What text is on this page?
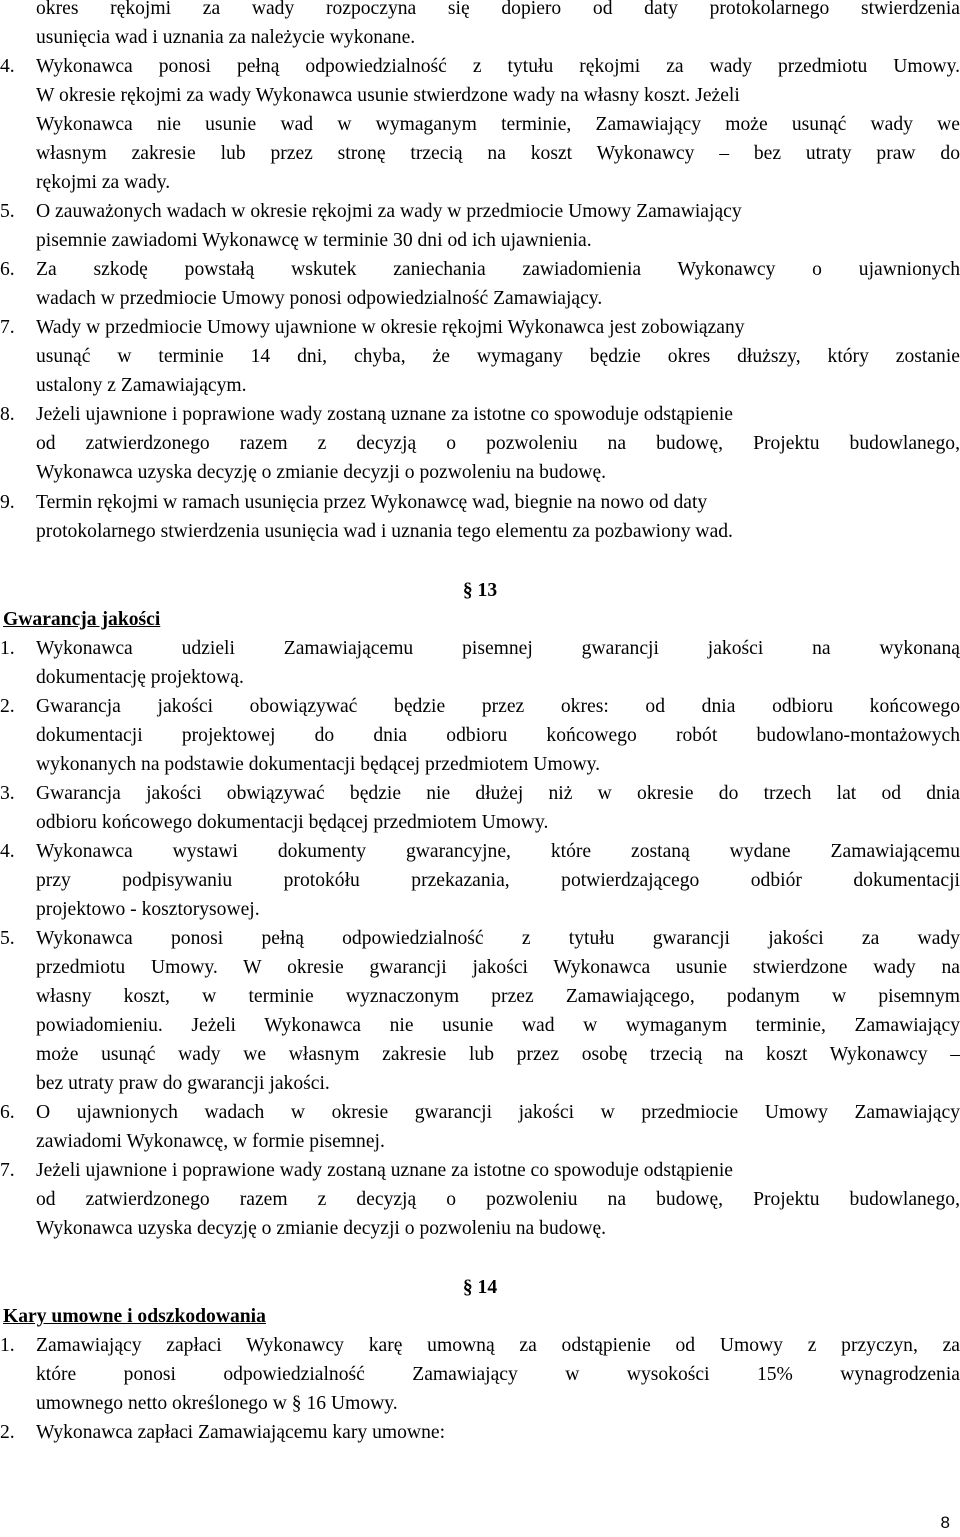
okres rękojmi za wady rozpoczyna się dopiero od daty protokolarnego stwierdzenia
usunięcia wad i uznania za należycie wykonane.
4. Wykonawca ponosi pełną odpowiedzialność z tytułu rękojmi za wady przedmiotu Umowy.
W okresie rękojmi za wady Wykonawca usunie stwierdzone wady na własny koszt. Jeżeli
Wykonawca nie usunie wad w wymaganym terminie, Zamawiający może usunąć wady we
własnym zakresie lub przez stronę trzecią na koszt Wykonawcy – bez utraty praw do
rękojmi za wady.
5. O zauważonych wadach w okresie rękojmi za wady w przedmiocie Umowy Zamawiający
pisemnie zawiadomi Wykonawcę w terminie 30 dni od ich ujawnienia.
6. Za szkodę powstałą wskutek zaniechania zawiadomienia Wykonawcy o ujawnionych
wadach w przedmiocie Umowy ponosi odpowiedzialność Zamawiający.
7. Wady w przedmiocie Umowy ujawnione w okresie rękojmi Wykonawca jest zobowiązany
usunąć w terminie 14 dni, chyba, że wymagany będzie okres dłuższy, który zostanie
ustalony z Zamawiającym.
8. Jeżeli ujawnione i poprawione wady zostaną uznane za istotne co spowoduje odstąpienie
od zatwierdzonego razem z decyzją o pozwoleniu na budowę, Projektu budowlanego,
Wykonawca uzyska decyzję o zmianie decyzji o pozwoleniu na budowę.
9. Termin rękojmi w ramach usunięcia przez Wykonawcę wad, biegnie na nowo od daty
protokolarnego stwierdzenia usunięcia wad i uznania tego elementu za pozbawiony wad.
§ 13
Gwarancja jakości
1. Wykonawca udzieli Zamawiającemu pisemnej gwarancji jakości na wykonaną
dokumentację projektową.
2. Gwarancja jakości obowiązywać będzie przez okres: od dnia odbioru końcowego
dokumentacji projektowej do dnia odbioru końcowego robót budowlano-montażowych
wykonanych na podstawie dokumentacji będącej przedmiotem Umowy.
3. Gwarancja jakości obwiązywać będzie nie dłużej niż w okresie do trzech lat od dnia
odbioru końcowego dokumentacji będącej przedmiotem Umowy.
4. Wykonawca wystawi dokumenty gwarancyjne, które zostaną wydane Zamawiającemu
przy podpisywaniu protokółu przekazania, potwierdzającego odbiór dokumentacji
projektowo - kosztorysowej.
5. Wykonawca ponosi pełną odpowiedzialność z tytułu gwarancji jakości za wady
przedmiotu Umowy. W okresie gwarancji jakości Wykonawca usunie stwierdzone wady na
własny koszt, w terminie wyznaczonym przez Zamawiającego, podanym w pisemnym
powiadomieniu. Jeżeli Wykonawca nie usunie wad w wymaganym terminie, Zamawiający
może usunąć wady we własnym zakresie lub przez osobę trzecią na koszt Wykonawcy –
bez utraty praw do gwarancji jakości.
6. O ujawnionych wadach w okresie gwarancji jakości w przedmiocie Umowy Zamawiający
zawiadomi Wykonawcę, w formie pisemnej.
7. Jeżeli ujawnione i poprawione wady zostaną uznane za istotne co spowoduje odstąpienie
od zatwierdzonego razem z decyzją o pozwoleniu na budowę, Projektu budowlanego,
Wykonawca uzyska decyzję o zmianie decyzji o pozwoleniu na budowę.
§ 14
Kary umowne i odszkodowania
1. Zamawiający zapłaci Wykonawcy karę umowną za odstąpienie od Umowy z przyczyn, za
które ponosi odpowiedzialność Zamawiający w wysokości 15% wynagrodzenia
umownego netto określonego w § 16 Umowy.
2. Wykonawca zapłaci Zamawiającemu kary umowne:
8
